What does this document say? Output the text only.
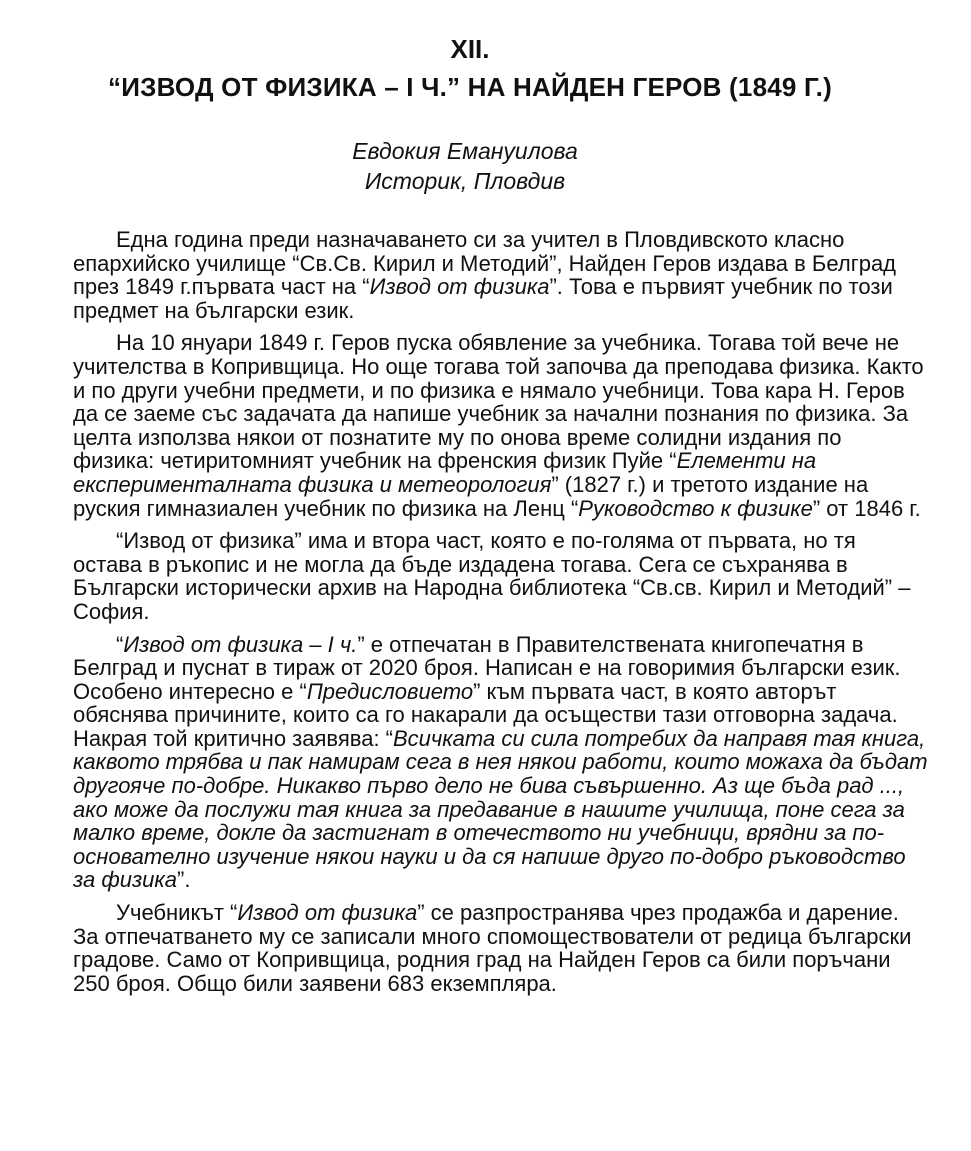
XII.
“ИЗВОД ОТ ФИЗИКА – I Ч.” НА НАЙДЕН ГЕРОВ (1849 Г.)
Евдокия Емануилова
Историк, Пловдив

Една година преди назначаването си за учител в Пловдивското класно епархийско училище “Св.Св. Кирил и Методий”, Найден Геров издава в Белград през 1849 г.първата част на “Извод от физика”. Това е първият учебник по този предмет на български език.

На 10 януари 1849 г. Геров пуска обявление за учебника. Тогава той вече не учителства в Копривщица. Но още тогава той започва да преподава физика. Както и по други учебни предмети, и по физика е нямало учебници. Това кара Н. Геров да се заеме със задачата да напише учебник за начални познания по физика. За целта използва някои от познатите му по онова време солидни издания по физика: четиритомният учебник на френския физик Пуйе “Елементи на експерименталната физика и метеорология” (1827 г.) и третото издание на руския гимназиален учебник по физика на Ленц “Руководство к физике” от 1846 г.

“Извод от физика” има и втора част, която е по-голяма от първата, но тя остава в ръкопис и не могла да бъде издадена тогава. Сега се съхранява в Български исторически архив на Народна библиотека “Св.св. Кирил и Методий” – София.

“Извод от физика – I ч.” е отпечатан в Правителствената книгопечатня в Белград и пуснат в тираж от 2020 броя. Написан е на говоримия български език. Особено интересно е “Предисловието” към първата част, в която авторът обяснява причините, които са го накарали да осъществи тази отговорна задача. Накрая той критично заявява: “Всичката си сила потребих да направя тая книга, каквото трябва и пак намирам сега в нея някои работи, които можаха да бъдат другояче по-добре. Никакво първо дело не бива съвършенно. Аз ще бъда рад ..., ако може да послужи тая книга за предавание в нашите училища, поне сега за малко време, докле да застигнат в отечеството ни учебници, врядни за по-основателно изучение някои науки и да ся напише друго по-добро ръководство за физика”.

Учебникът “Извод от физика” се разпространява чрез продажба и дарение. За отпечатването му се записали много спомоществователи от редица български градове. Само от Копривщица, родния град на Найден Геров са били поръчани 250 броя. Общо били заявени 683 екземпляра.
